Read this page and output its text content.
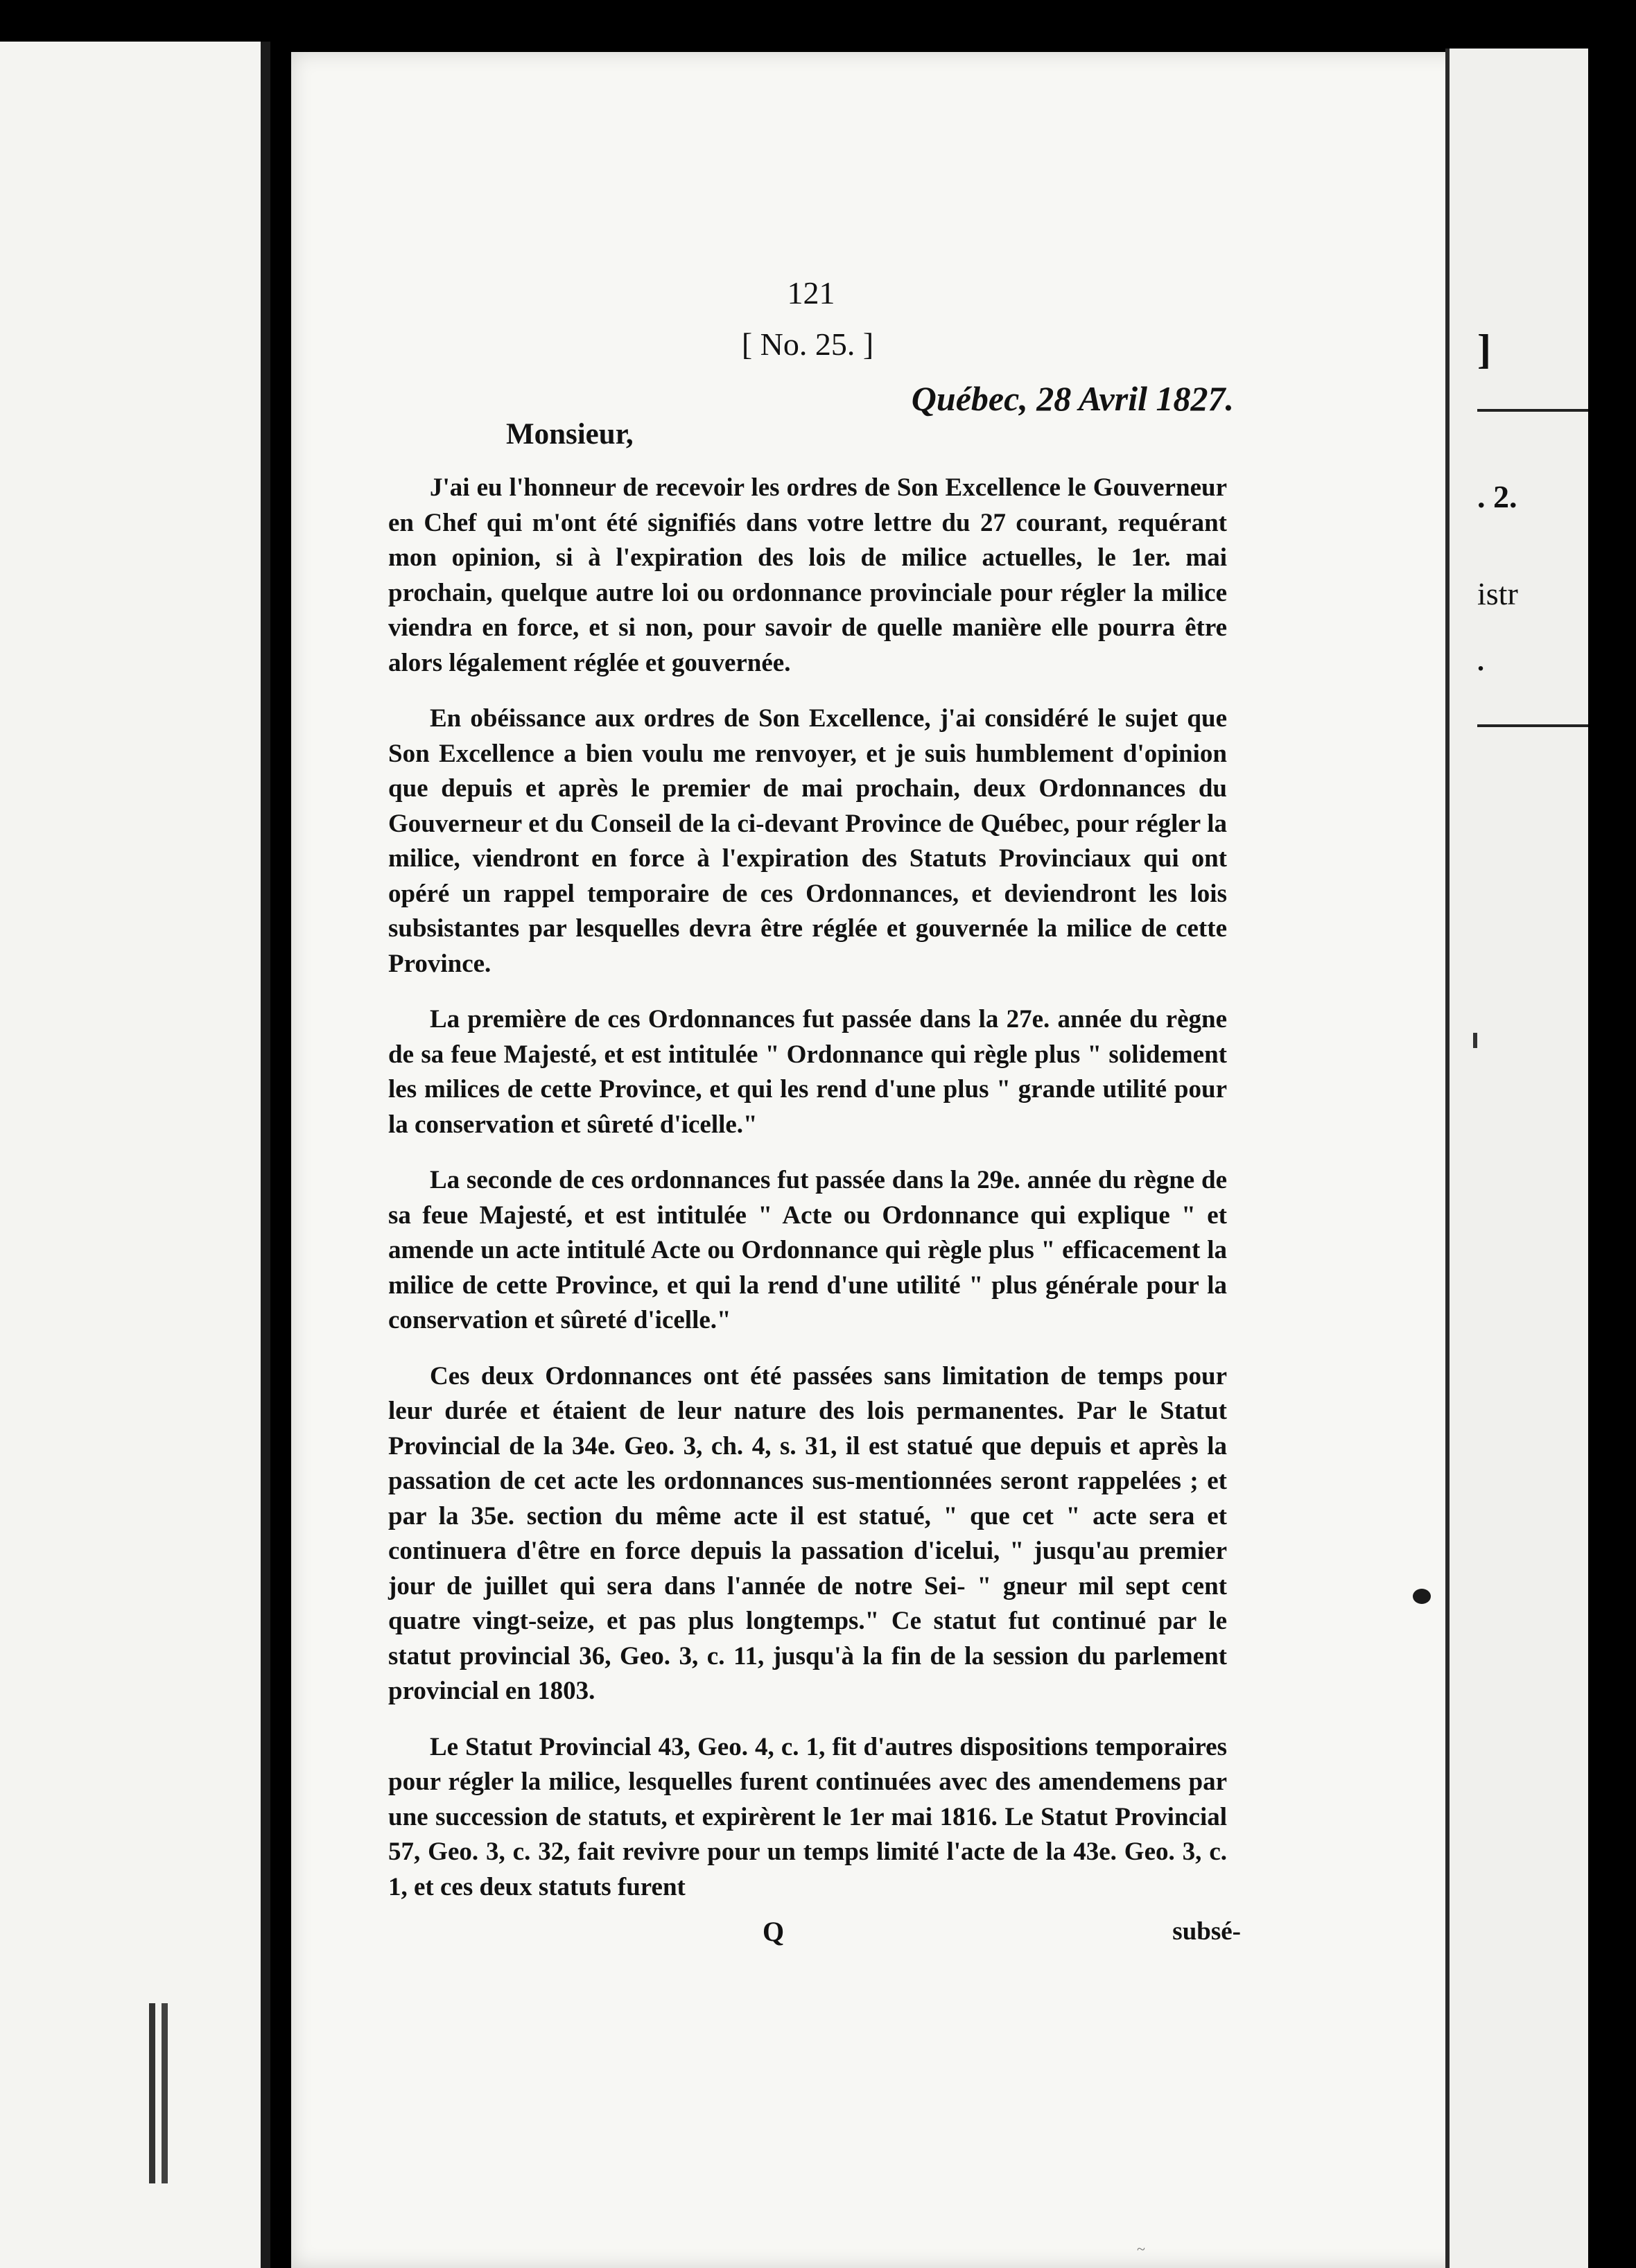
]
. 2.
istr
.
~
121
[ No. 25. ]
Québec, 28 Avril 1827.
Monsieur,

J'ai eu l'honneur de recevoir les ordres de Son Excellence le Gouverneur en Chef qui m'ont été signifiés dans votre lettre du 27 courant, requérant mon opinion, si à l'expiration des lois de milice actuelles, le 1er. mai prochain, quelque autre loi ou ordonnance provinciale pour régler la milice viendra en force, et si non, pour savoir de quelle manière elle pourra être alors légalement réglée et gouvernée.

En obéissance aux ordres de Son Excellence, j'ai considéré le sujet que Son Excellence a bien voulu me renvoyer, et je suis humblement d'opinion que depuis et après le premier de mai prochain, deux Ordonnances du Gouverneur et du Conseil de la ci-devant Province de Québec, pour régler la milice, viendront en force à l'expiration des Statuts Provinciaux qui ont opéré un rappel temporaire de ces Ordonnances, et deviendront les lois subsistantes par lesquelles devra être réglée et gouvernée la milice de cette Province.

La première de ces Ordonnances fut passée dans la 27e. année du règne de sa feue Majesté, et est intitulée " Ordonnance qui règle plus " solidement les milices de cette Province, et qui les rend d'une plus " grande utilité pour la conservation et sûreté d'icelle."

La seconde de ces ordonnances fut passée dans la 29e. année du règne de sa feue Majesté, et est intitulée " Acte ou Ordonnance qui explique " et amende un acte intitulé Acte ou Ordonnance qui règle plus " efficacement la milice de cette Province, et qui la rend d'une utilité " plus générale pour la conservation et sûreté d'icelle."

Ces deux Ordonnances ont été passées sans limitation de temps pour leur durée et étaient de leur nature des lois permanentes. Par le Statut Provincial de la 34e. Geo. 3, ch. 4, s. 31, il est statué que depuis et après la passation de cet acte les ordonnances sus-mentionnées seront rappelées ; et par la 35e. section du même acte il est statué, " que cet " acte sera et continuera d'être en force depuis la passation d'icelui, " jusqu'au premier jour de juillet qui sera dans l'année de notre Sei- " gneur mil sept cent quatre vingt-seize, et pas plus longtemps." Ce statut fut continué par le statut provincial 36, Geo. 3, c. 11, jusqu'à la fin de la session du parlement provincial en 1803.

Le Statut Provincial 43, Geo. 4, c. 1, fit d'autres dispositions temporaires pour régler la milice, lesquelles furent continuées avec des amendemens par une succession de statuts, et expirèrent le 1er mai 1816. Le Statut Provincial 57, Geo. 3, c. 32, fait revivre pour un temps limité l'acte de la 43e. Geo. 3, c. 1, et ces deux statuts furent

Q	subsé-
